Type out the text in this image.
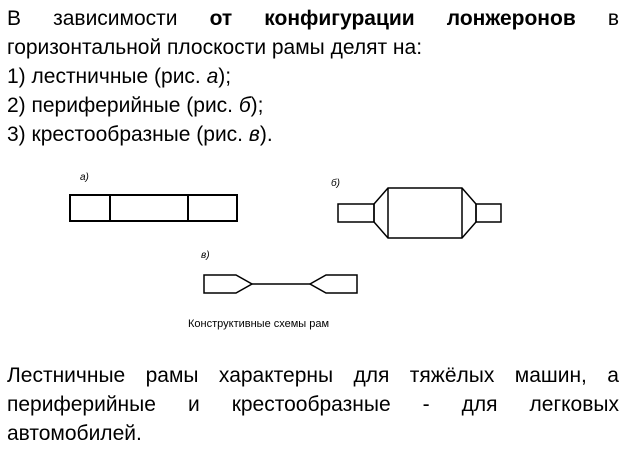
В зависимости от конфигурации лонжеронов в

горизонтальной плоскости рамы делят на:

1) лестничные (рис. а);

2) периферийные (рис. б);

3) крестообразные (рис. в).

а)
б)
в)
Конструктивные схемы рам
Лестничные рамы характерны для тяжёлых машин, а периферийные и крестообразные - для легковых автомобилей.
